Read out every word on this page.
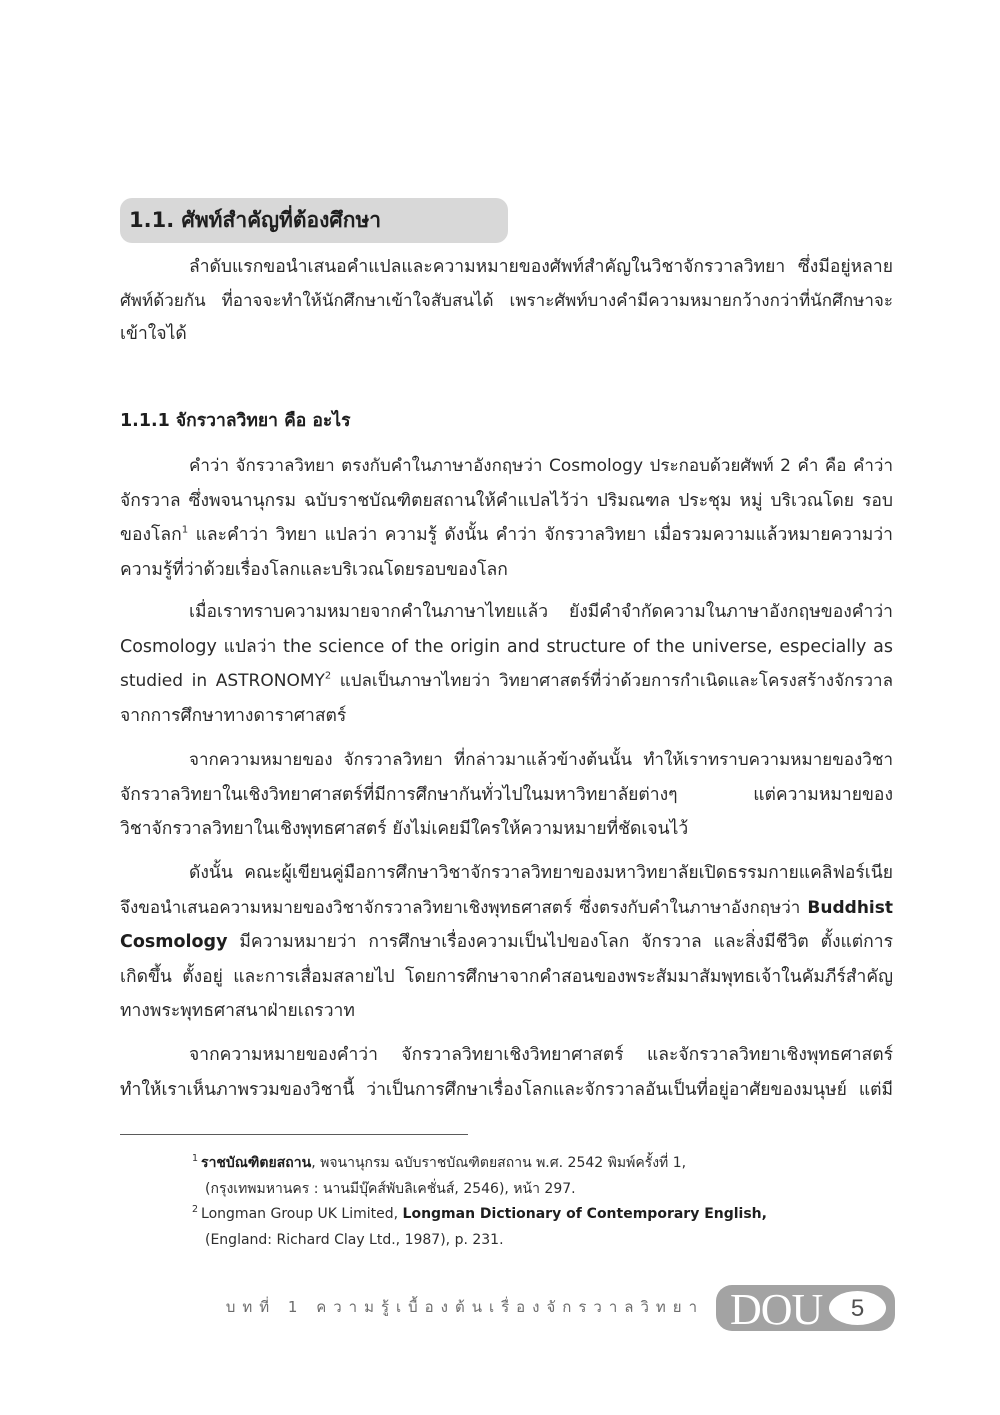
1.1. ศัพท์สำคัญที่ต้องศึกษา
ลำดับแรกขอนำเสนอคำแปลและความหมายของศัพท์สำคัญในวิชาจักรวาลวิทยา ซึ่งมีอยู่หลาย
ศัพท์ด้วยกัน ที่อาจจะทำให้นักศึกษาเข้าใจสับสนได้ เพราะศัพท์บางคำมีความหมายกว้างกว่าที่นักศึกษาจะ
เข้าใจได้
1.1.1 จักรวาลวิทยา คือ อะไร
คำว่า จักรวาลวิทยา ตรงกับคำในภาษาอังกฤษว่า Cosmology ประกอบด้วยศัพท์ 2 คำ คือ คำว่า
จักรวาล ซึ่งพจนานุกรม ฉบับราชบัณฑิตยสถานให้คำแปลไว้ว่า ปริมณฑล ประชุม หมู่ บริเวณโดย รอบ
ของโลก$^1$ และคำว่า วิทยา แปลว่า ความรู้ ดังนั้น คำว่า จักรวาลวิทยา เมื่อรวมความแล้วหมายความว่า
ความรู้ที่ว่าด้วยเรื่องโลกและบริเวณโดยรอบของโลก
เมื่อเราทราบความหมายจากคำในภาษาไทยแล้ว ยังมีคำจำกัดความในภาษาอังกฤษของคำว่า
Cosmology แปลว่า the science of the origin and structure of the universe, especially as
studied in ASTRONOMY$^2$ แปลเป็นภาษาไทยว่า วิทยาศาสตร์ที่ว่าด้วยการกำเนิดและโครงสร้างจักรวาล
จากการศึกษาทางดาราศาสตร์
จากความหมายของ จักรวาลวิทยา ที่กล่าวมาแล้วข้างต้นนั้น ทำให้เราทราบความหมายของวิชา
จักรวาลวิทยาในเชิงวิทยาศาสตร์ที่มีการศึกษากันทั่วไปในมหาวิทยาลัยต่างๆ แต่ความหมายของ
วิชาจักรวาลวิทยาในเชิงพุทธศาสตร์ ยังไม่เคยมีใครให้ความหมายที่ชัดเจนไว้
ดังนั้น คณะผู้เขียนคู่มือการศึกษาวิชาจักรวาลวิทยาของมหาวิทยาลัยเปิดธรรมกายแคลิฟอร์เนีย
จึงขอนำเสนอความหมายของวิชาจักรวาลวิทยาเชิงพุทธศาสตร์ ซึ่งตรงกับคำในภาษาอังกฤษว่า Buddhist
Cosmology มีความหมายว่า การศึกษาเรื่องความเป็นไปของโลก จักรวาล และสิ่งมีชีวิต ตั้งแต่การ
เกิดขึ้น ตั้งอยู่ และการเสื่อมสลายไป โดยการศึกษาจากคำสอนของพระสัมมาสัมพุทธเจ้าในคัมภีร์สำคัญ
ทางพระพุทธศาสนาฝ่ายเถรวาท
จากความหมายของคำว่า จักรวาลวิทยาเชิงวิทยาศาสตร์ และจักรวาลวิทยาเชิงพุทธศาสตร์
ทำให้เราเห็นภาพรวมของวิชานี้ ว่าเป็นการศึกษาเรื่องโลกและจักรวาลอันเป็นที่อยู่อาศัยของมนุษย์ แต่มี
$^1$ ราชบัณฑิตยสถาน, พจนานุกรม ฉบับราชบัณฑิตยสถาน พ.ศ. 2542 พิมพ์ครั้งที่ 1,
(กรุงเทพมหานคร : นานมีบุ๊คส์พับลิเคชั่นส์, 2546), หน้า 297.
$^2$ Longman Group UK Limited, Longman Dictionary of Contemporary English,
(England: Richard Clay Ltd., 1987), p. 231.
บทที่ 1 ความรู้เบื้องต้นเรื่องจักรวาลวิทยา DOU	5
